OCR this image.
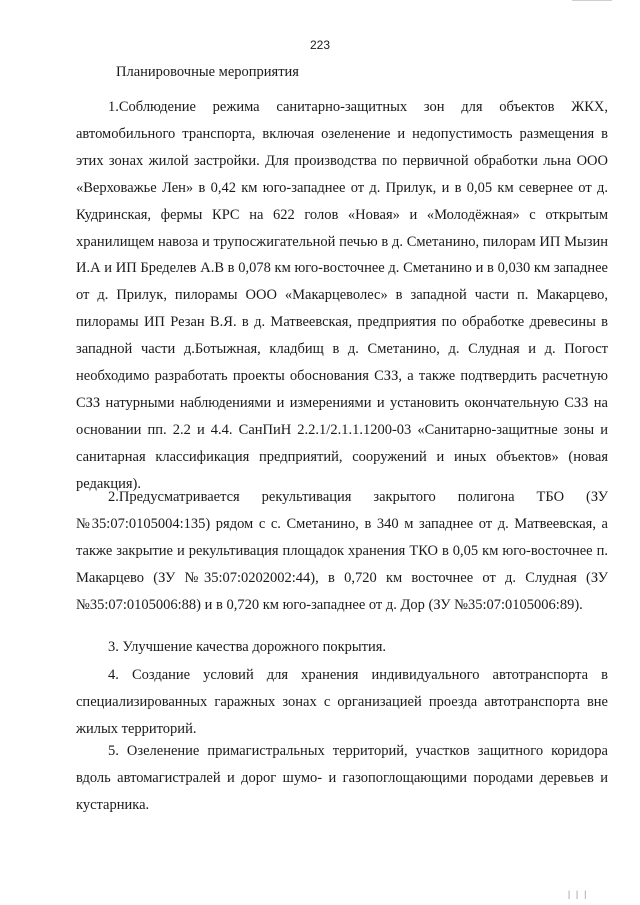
223
Планировочные мероприятия

1.Соблюдение режима санитарно-защитных зон для объектов ЖКХ, автомобильного транспорта, включая озеленение и недопустимость размещения в этих зонах жилой застройки. Для производства по первичной обработки льна ООО «Верховажье Лен» в 0,42 км юго-западнее от д. Прилук, и в 0,05 км севернее от д. Кудринская, фермы КРС на 622 голов «Новая» и «Молодёжная» с открытым хранилищем навоза и трупосжигательной печью в д. Сметанино, пилорам ИП Мызин И.А и ИП Бределев А.В в 0,078 км юго-восточнее д. Сметанино и в 0,030 км западнее от д. Прилук, пилорамы ООО «Макарцеволес» в западной части п. Макарцево, пилорамы ИП Резан В.Я. в д. Матвеевская, предприятия по обработке древесины в западной части д.Ботыжная, кладбищ в д. Сметанино, д. Слудная и д. Погост необходимо разработать проекты обоснования СЗЗ, а также подтвердить расчетную СЗЗ натурными наблюдениями и измерениями и установить окончательную СЗЗ на основании пп. 2.2 и 4.4. СанПиН 2.2.1/2.1.1.1200-03 «Санитарно-защитные зоны и санитарная классификация предприятий, сооружений и иных объектов» (новая редакция).

2.Предусматривается рекультивация закрытого полигона ТБО (ЗУ №35:07:0105004:135) рядом с с. Сметанино, в 340 м западнее от д. Матвеевская, а также закрытие и рекультивация площадок хранения ТКО в 0,05 км юго-восточнее п. Макарцево (ЗУ №35:07:0202002:44), в 0,720 км восточнее от д. Слудная (ЗУ №35:07:0105006:88) и в 0,720 км юго-западнее от д. Дор (ЗУ №35:07:0105006:89).

3. Улучшение качества дорожного покрытия.

4. Создание условий для хранения индивидуального автотранспорта в специализированных гаражных зонах с организацией проезда автотранспорта вне жилых территорий.

5. Озеленение примагистральных территорий, участков защитного коридора вдоль автомагистралей и дорог шумо- и газопоглощающими породами деревьев и кустарника.

| | |
